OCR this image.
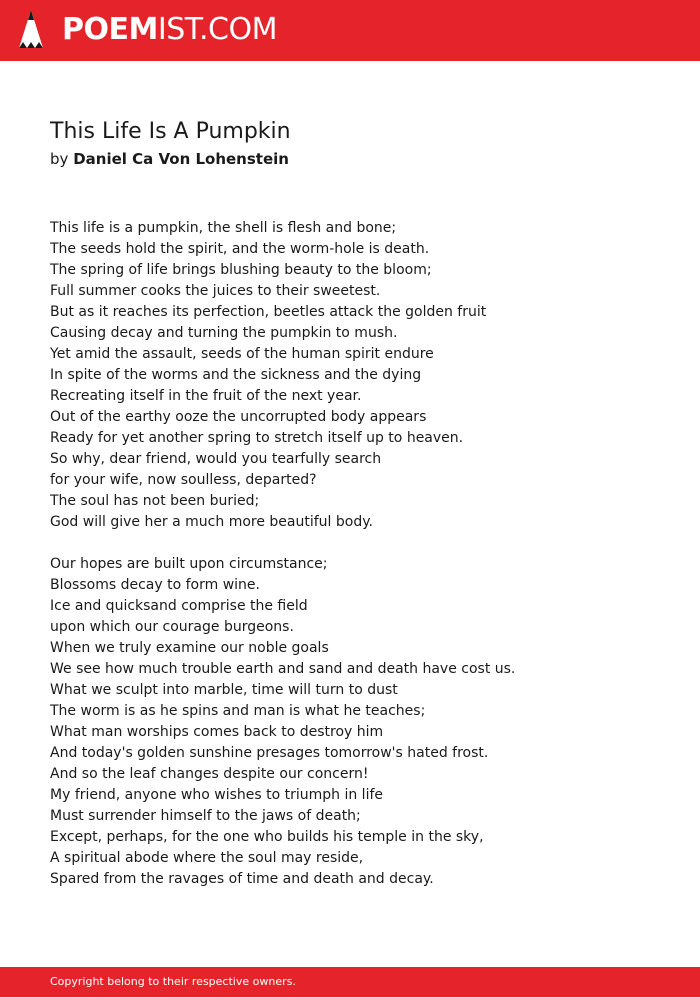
POEMIST.COM
This Life Is A Pumpkin
by Daniel Ca Von Lohenstein
This life is a pumpkin, the shell is flesh and bone;
The seeds hold the spirit, and the worm-hole is death.
The spring of life brings blushing beauty to the bloom;
Full summer cooks the juices to their sweetest.
But as it reaches its perfection, beetles attack the golden fruit
Causing decay and turning the pumpkin to mush.
Yet amid the assault, seeds of the human spirit endure
In spite of the worms and the sickness and the dying
Recreating itself in the fruit of the next year.
Out of the earthy ooze the uncorrupted body appears
Ready for yet another spring to stretch itself up to heaven.
So why, dear friend, would you tearfully search
for your wife, now soulless, departed?
The soul has not been buried;
God will give her a much more beautiful body.
Our hopes are built upon circumstance;
Blossoms decay to form wine.
Ice and quicksand comprise the field
upon which our courage burgeons.
When we truly examine our noble goals
We see how much trouble earth and sand and death have cost us.
What we sculpt into marble, time will turn to dust
The worm is as he spins and man is what he teaches;
What man worships comes back to destroy him
And today's golden sunshine presages tomorrow's hated frost.
And so the leaf changes despite our concern!
My friend, anyone who wishes to triumph in life
Must surrender himself to the jaws of death;
Except, perhaps, for the one who builds his temple in the sky,
A spiritual abode where the soul may reside,
Spared from the ravages of time and death and decay.
Copyright belong to their respective owners.
